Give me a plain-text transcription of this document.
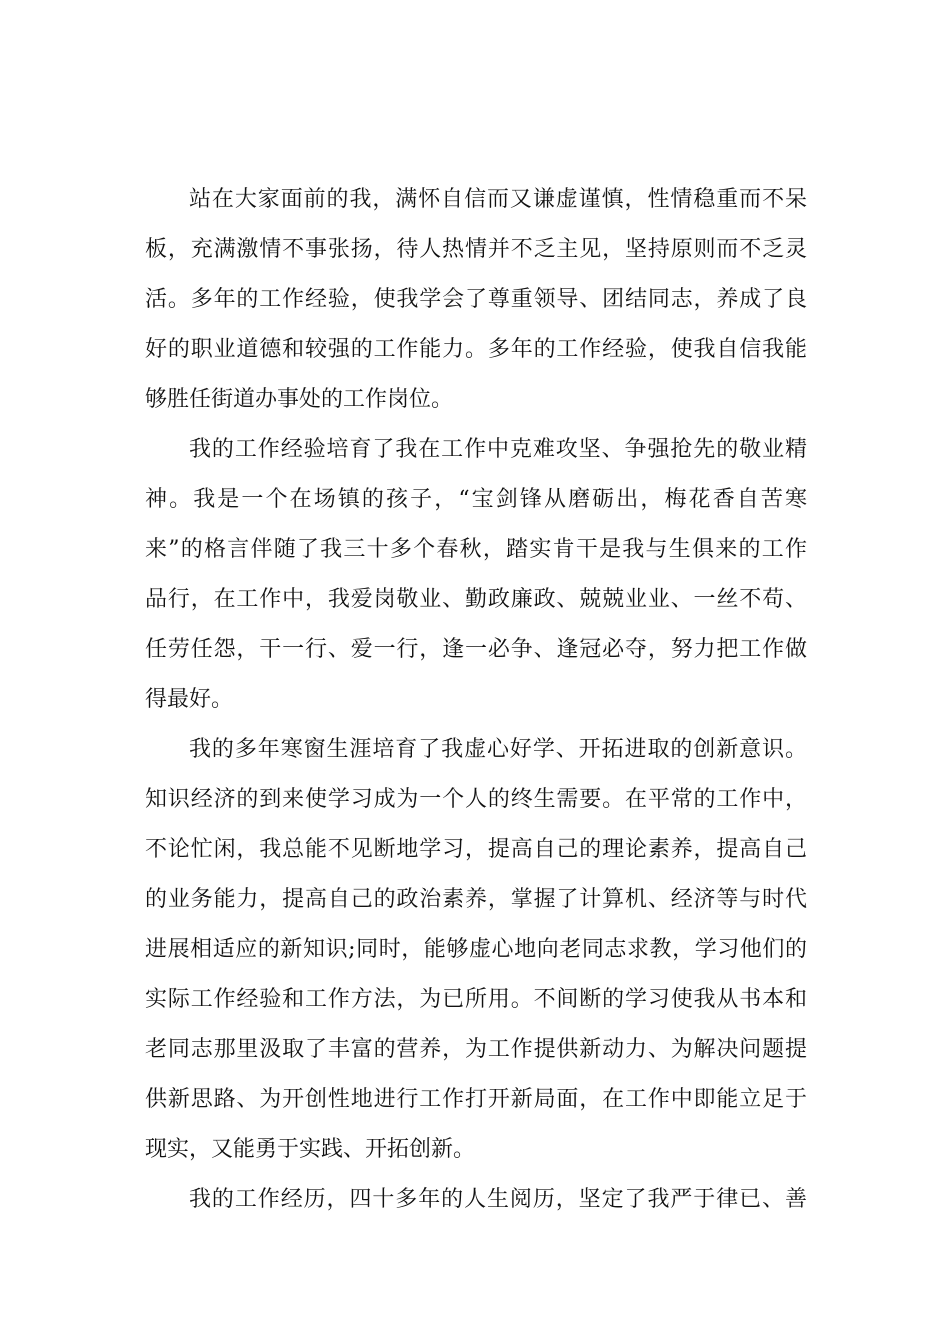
站在大家面前的我，满怀自信而又谦虚谨慎，性情稳重而不呆
板，充满激情不事张扬，待人热情并不乏主见，坚持原则而不乏灵
活。多年的工作经验，使我学会了尊重领导、团结同志，养成了良
好的职业道德和较强的工作能力。多年的工作经验，使我自信我能
够胜任街道办事处的工作岗位。
我的工作经验培育了我在工作中克难攻坚、争强抢先的敬业精
神。我是一个在场镇的孩子，“宝剑锋从磨砺出，梅花香自苦寒
来”的格言伴随了我三十多个春秋，踏实肯干是我与生俱来的工作
品行，在工作中，我爱岗敬业、勤政廉政、兢兢业业、一丝不苟、
任劳任怨，干一行、爱一行，逢一必争、逢冠必夺，努力把工作做
得最好。
我的多年寒窗生涯培育了我虚心好学、开拓进取的创新意识。
知识经济的到来使学习成为一个人的终生需要。在平常的工作中，
不论忙闲，我总能不见断地学习，提高自己的理论素养，提高自己
的业务能力，提高自己的政治素养，掌握了计算机、经济等与时代
进展相适应的新知识;同时，能够虚心地向老同志求教，学习他们的
实际工作经验和工作方法，为已所用。不间断的学习使我从书本和
老同志那里汲取了丰富的营养，为工作提供新动力、为解决问题提
供新思路、为开创性地进行工作打开新局面，在工作中即能立足于
现实，又能勇于实践、开拓创新。
我的工作经历，四十多年的人生阅历，坚定了我严于律已、善
